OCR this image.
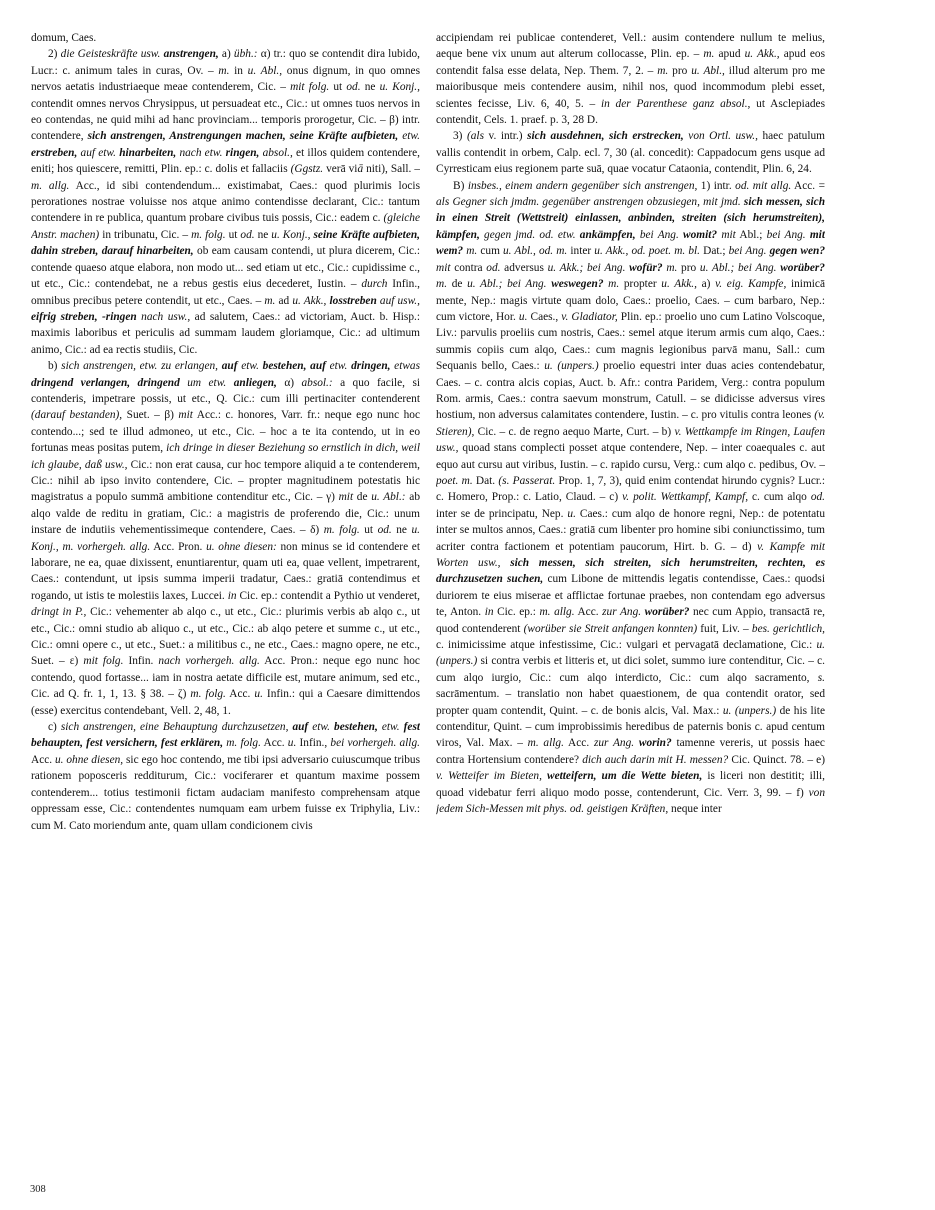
domum, Caes.

2) die Geisteskräfte usw. anstrengen, a) übh.: α) tr.: quo se contendit dira lubido, Lucr.: c. animum tales in curas, Ov. – m. in u. Abl., onus dignum, in quo omnes nervos aetatis industriaeque meae contenderem, Cic. – mit folg. ut od. ne u. Konj., contendit omnes nervos Chrysippus, ut persuadeat etc., Cic.: ut omnes tuos nervos in eo contendas, ne quid mihi ad hanc provinciam... temporis prorogetur, Cic. – β) intr. contendere, sich anstrengen, Anstrengungen machen, seine Kräfte aufbieten, etw. erstreben, auf etw. hinarbeiten, nach etw. ringen, absol., et illos quidem contendere, eniti; hos quiescere, remitti, Plin. ep.: c. dolis et fallaciis (Ggstz. verā viā niti), Sall. – m. allg. Acc., id sibi contendendum... existimabat, Caes.: quod plurimis locis perorationes nostrae voluisse nos atque animo contendisse declarant, Cic.: tantum contendere in re publica, quantum probare civibus tuis possis, Cic.: eadem c. (gleiche Anstr. machen) in tribunatu, Cic. – m. folg. ut od. ne u. Konj., seine Kräfte aufbieten, dahin streben, darauf hinarbeiten, ob eam causam contendi, ut plura dicerem, Cic.: contende quaeso atque elabora, non modo ut... sed etiam ut etc., Cic.: cupidissime c., ut etc., Cic.: contendebat, ne a rebus gestis eius decederet, Iustin. – durch Infin., omnibus precibus petere contendit, ut etc., Caes. – m. ad u. Akk., losstreben auf usw., eifrig streben, -ringen nach usw., ad salutem, Caes.: ad victoriam, Auct. b. Hisp.: maximis laboribus et periculis ad summam laudem gloriamque, Cic.: ad ultimum animo, Cic.: ad ea rectis studiis, Cic.

b) sich anstrengen, etw. zu erlangen, auf etw. bestehen, auf etw. dringen, etwas dringend verlangen, dringend um etw. anliegen, α) absol.: a quo facile, si contenderis, impetrare possis, ut etc., Q. Cic.: cum illi pertinaciter contenderent (darauf bestanden), Suet. – β) mit Acc.: c. honores, Varr. fr.: neque ego nunc hoc contendo...; sed te illud admoneo, ut etc., Cic. – hoc a te ita contendo, ut in eo fortunas meas positas putem, ich dringe in dieser Beziehung so ernstlich in dich, weil ich glaube, daß usw., Cic.: non erat causa, cur hoc tempore aliquid a te contenderem, Cic.: nihil ab ipso invito contendere, Cic. – propter magnitudinem potestatis hic magistratus a populo summā ambitione contenditur etc., Cic. – γ) mit de u. Abl.: ab alqo valde de reditu in gratiam, Cic.: a magistris de proferendo die, Cic.: unum instare de indutiis vehementissimeque contendere, Caes. – δ) m. folg. ut od. ne u. Konj., m. vorhergeh. allg. Acc. Pron. u. ohne diesen: non minus se id contendere et laborare, ne ea, quae dixissent, enuntiarentur, quam uti ea, quae vellent, impetrarent, Caes.: contendunt, ut ipsis summa imperii tradatur, Caes.: gratiā contendimus et rogando, ut istis te molestiis laxes, Luccei. in Cic. ep.: contendit a Pythio ut venderet, dringt in P., Cic.: vehementer ab alqo c., ut etc., Cic.: plurimis verbis ab alqo c., ut etc., Cic.: omni studio ab aliquo c., ut etc., Cic.: ab alqo petere et summe c., ut etc., Cic.: omni opere c., ut etc., Suet.: a militibus c., ne etc., Caes.: magno opere, ne etc., Suet. – ε) mit folg. Infin. nach vorhergeh. allg. Acc. Pron.: neque ego nunc hoc contendo, quod fortasse... iam in nostra aetate difficile est, mutare animum, sed etc., Cic. ad Q. fr. 1, 1, 13. § 38. – ζ) m. folg. Acc. u. Infin.: qui a Caesare dimittendos (esse) exercitus contendebant, Vell. 2, 48, 1.

c) sich anstrengen, eine Behauptung durchzusetzen, auf etw. bestehen, etw. fest behaupten, fest versichern, fest erklären, m. folg. Acc. u. Infin., bei vorhergeh. allg. Acc. u. ohne diesen, sic ego hoc contendo, me tibi ipsi adversario cuiuscumque tribus rationem poposceris redditurum, Cic.: vociferarer et quantum maxime possem contenderem... totius testimonii fictam audaciam manifesto comprehensam atque oppressam esse, Cic.: contendentes numquam eam urbem fuisse ex Triphylia, Liv.: cum M. Cato moriendum ante, quam ullam condicionem civis

accipiendam rei publicae contenderet, Vell.: ausim contendere nullum te melius, aeque bene vix unum aut alterum collocasse, Plin. ep. – m. apud u. Akk., apud eos contendit falsa esse delata, Nep. Them. 7, 2. – m. pro u. Abl., illud alterum pro me maioribusque meis contendere ausim, nihil nos, quod incommodum plebi esset, scientes fecisse, Liv. 6, 40, 5. – in der Parenthese ganz absol., ut Asclepiades contendit, Cels. 1. praef. p. 3, 28 D.

3) (als v. intr.) sich ausdehnen, sich erstrecken, von Ortl. usw., haec patulum vallis contendit in orbem, Calp. ecl. 7, 30 (al. concedit): Cappadocum gens usque ad Cyrresticam eius regionem parte suā, quae vocatur Cataonia, contendit, Plin. 6, 24.

B) insbes., einem andern gegenüber sich anstrengen, 1) intr. od. mit allg. Acc. = als Gegner sich jmdm. gegenüber anstrengen obzusiegen, mit jmd. sich messen, sich in einen Streit (Wettstreit) einlassen, anbinden, streiten (sich herumstreiten), kämpfen, gegen jmd. od. etw. ankämpfen, bei Ang. womit? mit Abl.; bei Ang. mit wem? m. cum u. Abl., od. m. inter u. Akk., od. poet. m. bl. Dat.; bei Ang. gegen wen? mit contra od. adversus u. Akk.; bei Ang. wofür? m. pro u. Abl.; bei Ang. worüber? m. de u. Abl.; bei Ang. weswegen? m. propter u. Akk., a) v. eig. Kampfe, inimicā mente, Nep.: magis virtute quam dolo, Caes.: proelio, Caes. – cum barbaro, Nep.: cum victore, Hor. u. Caes., v. Gladiator, Plin. ep.: proelio uno cum Latino Volscoque, Liv.: parvulis proeliis cum nostris, Caes.: semel atque iterum armis cum alqo, Caes.: summis copiis cum alqo, Caes.: cum magnis legionibus parvā manu, Sall.: cum Sequanis bello, Caes.: u. (unpers.) proelio equestri inter duas acies contendebatur, Caes. – c. contra alcis copias, Auct. b. Afr.: contra Paridem, Verg.: contra populum Rom. armis, Caes.: contra saevum monstrum, Catull. – se didicisse adversus vires hostium, non adversus calamitates contendere, Iustin. – c. pro vitulis contra leones (v. Stieren), Cic. – c. de regno aequo Marte, Curt. – b) v. Wettkampfe im Ringen, Laufen usw., quoad stans complecti posset atque contendere, Nep. – inter coaequales c. aut equo aut cursu aut viribus, Iustin. – c. rapido cursu, Verg.: cum alqo c. pedibus, Ov. – poet. m. Dat. (s. Passerat. Prop. 1, 7, 3), quid enim contendat hirundo cygnis? Lucr.: c. Homero, Prop.: c. Latio, Claud. – c) v. polit. Wettkampf, Kampf, c. cum alqo od. inter se de principatu, Nep. u. Caes.: cum alqo de honore regni, Nep.: de potentatu inter se multos annos, Caes.: gratiā cum libenter pro homine sibi coniunctissimo, tum acriter contra factionem et potentiam paucorum, Hirt. b. G. – d) v. Kampfe mit Worten usw., sich messen, sich streiten, sich herumstreiten, rechten, es durchzusetzen suchen, cum Libone de mittendis legatis contendisse, Caes.: quodsi duriorem te eius miserae et afflictae fortunae praebes, non contendam ego adversus te, Anton. in Cic. ep.: m. allg. Acc. zur Ang. worüber? nec cum Appio, transactā re, quod contenderent (worüber sie Streit anfangen konnten) fuit, Liv. – bes. gerichtlich, c. inimicissime atque infestissime, Cic.: vulgari et pervagatā declamatione, Cic.: u. (unpers.) si contra verbis et litteris et, ut dici solet, summo iure contenditur, Cic. – c. cum alqo iurgio, Cic.: cum alqo interdicto, Cic.: cum alqo sacramento, s. sacrāmentum. – translatio non habet quaestionem, de qua contendit orator, sed propter quam contendit, Quint. – c. de bonis alcis, Val. Max.: u. (unpers.) de his lite contenditur, Quint. – cum improbissimis heredibus de paternis bonis c. apud centum viros, Val. Max. – m. allg. Acc. zur Ang. worin? tamenne vereris, ut possis haec contra Hortensium contendere? dich auch darin mit H. messen? Cic. Quinct. 78. – e) v. Wetteifer im Bieten, wetteifern, um die Wette bieten, is liceri non destitit; illi, quoad videbatur ferri aliquo modo posse, contenderunt, Cic. Verr. 3, 99. – f) von jedem Sich-Messen mit phys. od. geistigen Kräften, neque inter

308
